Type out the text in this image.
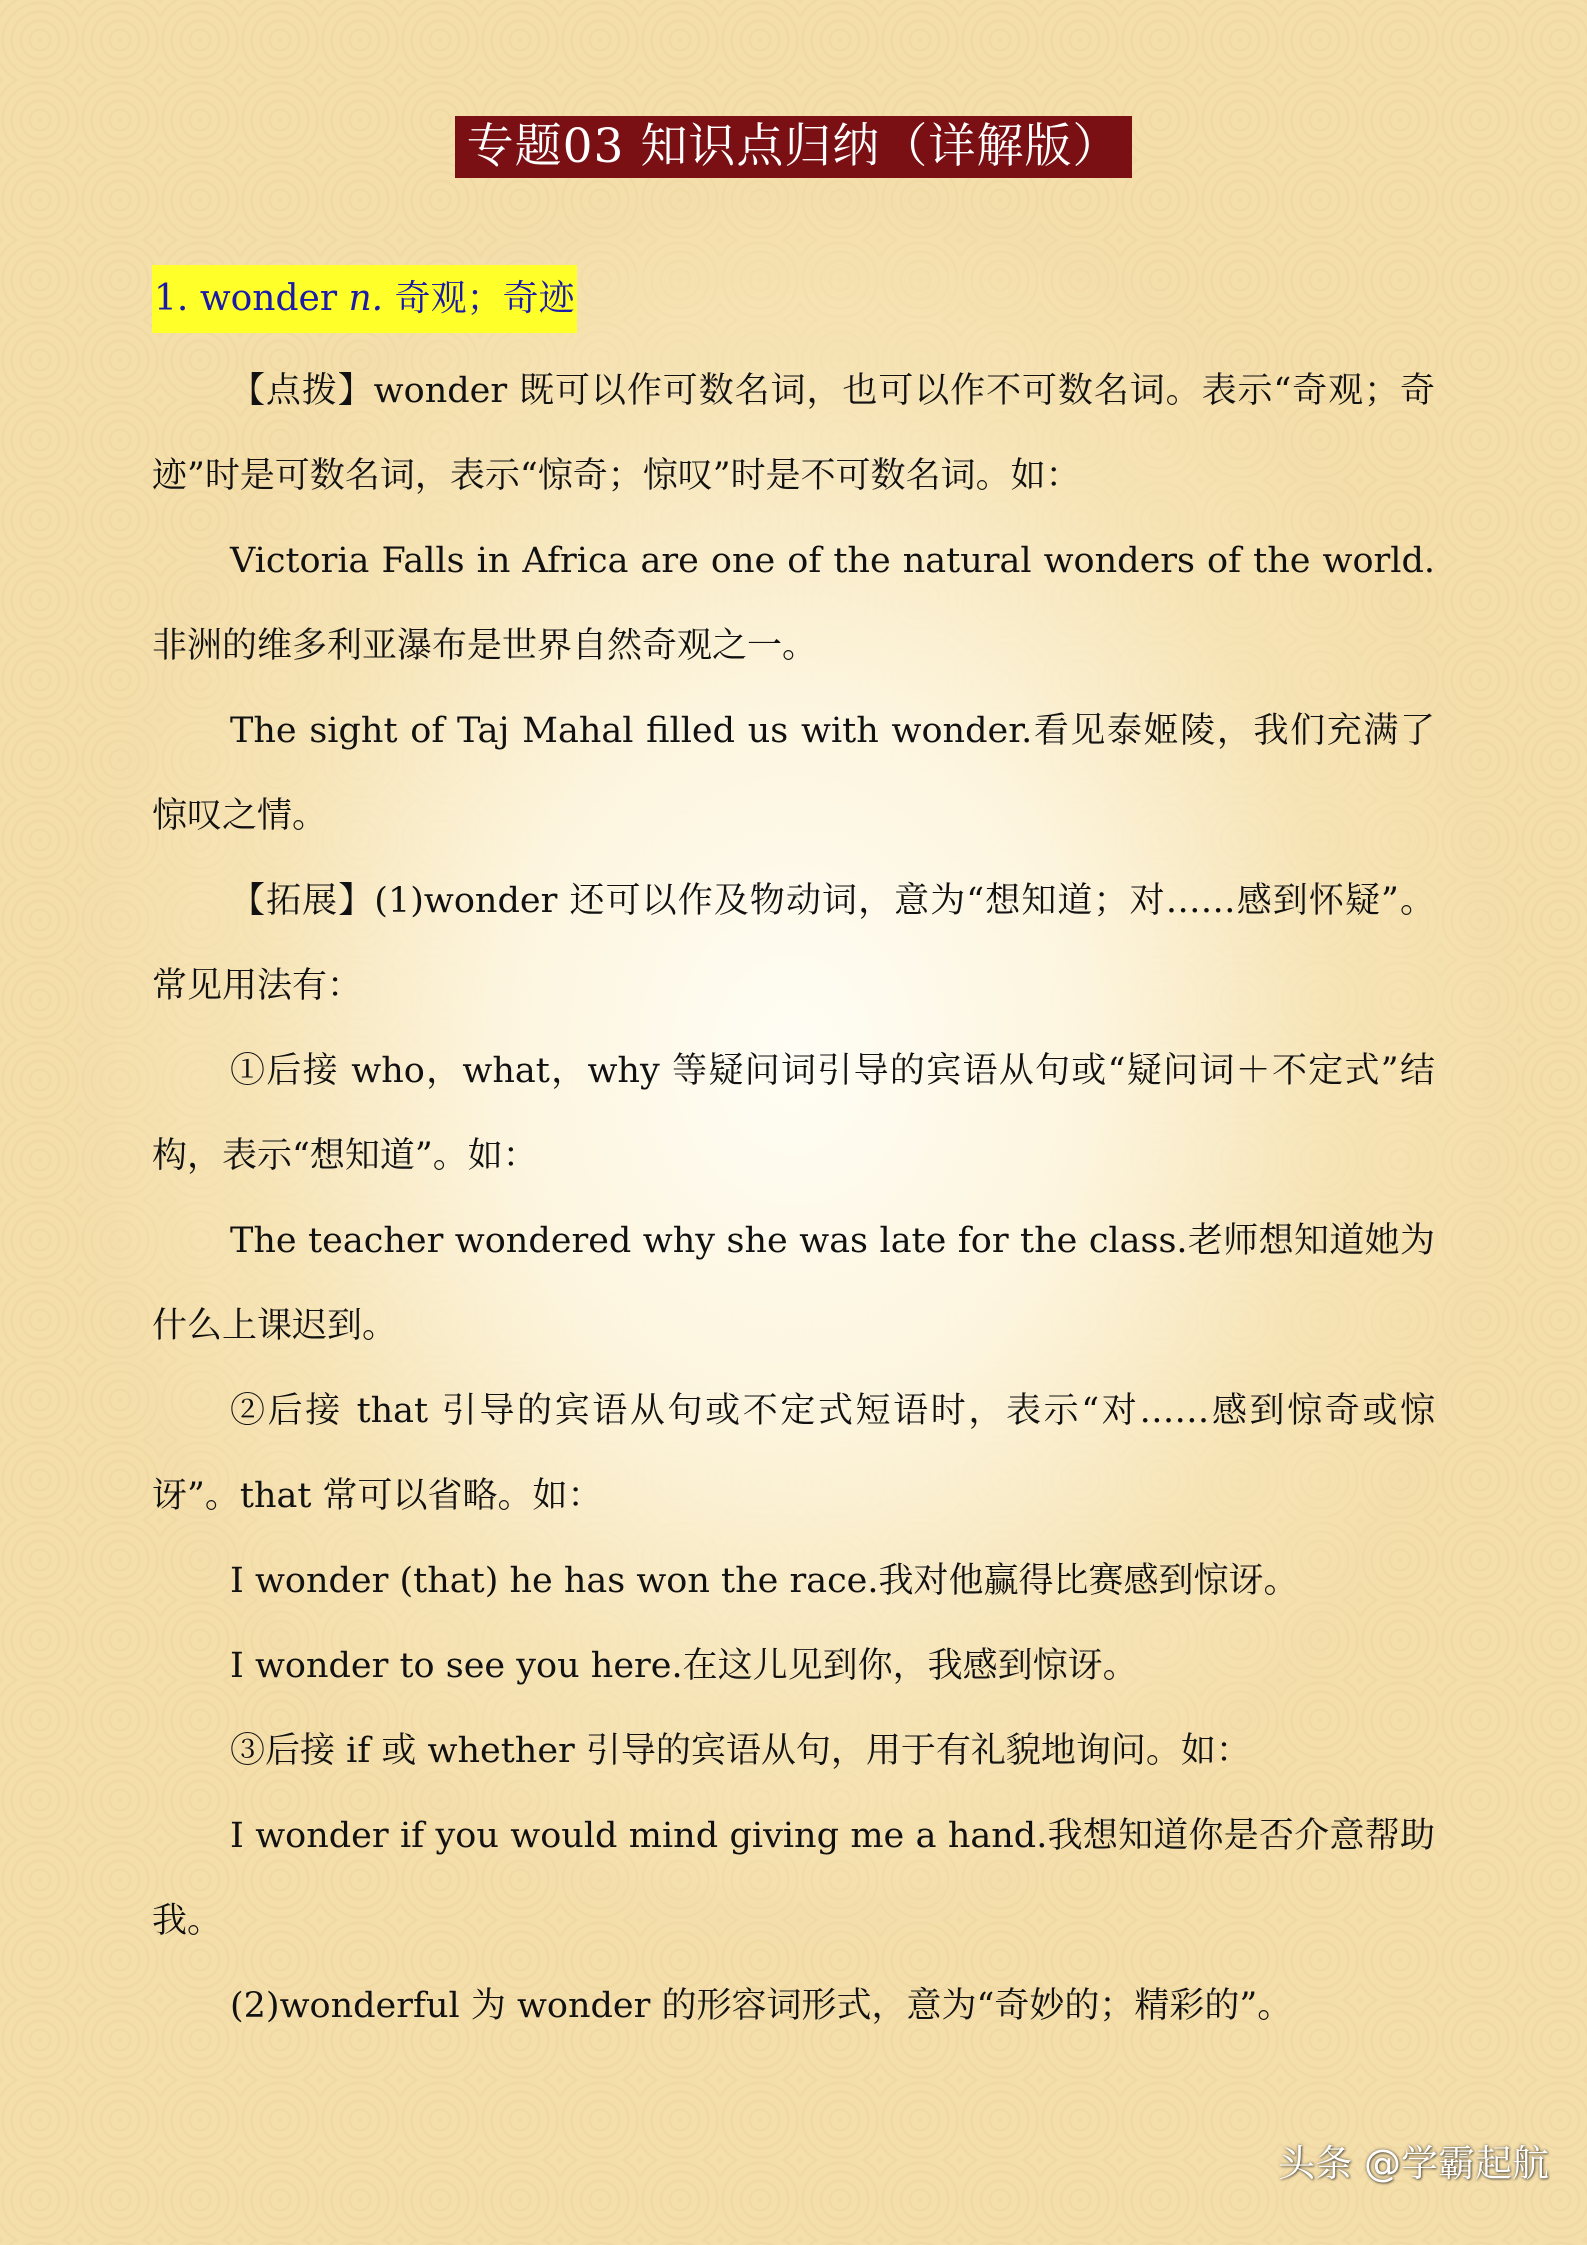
专题03 知识点归纳（详解版）
1. wonder n. 奇观；奇迹

【点拨】wonder 既可以作可数名词，也可以作不可数名词。表示“奇观；奇迹”时是可数名词，表示“惊奇；惊叹”时是不可数名词。如：

Victoria Falls in Africa are one of the natural wonders of the world.非洲的维多利亚瀑布是世界自然奇观之一。

The sight of Taj Mahal filled us with wonder.看见泰姬陵，我们充满了惊叹之情。

【拓展】(1)wonder 还可以作及物动词，意为“想知道；对……感到怀疑”。常见用法有：

①后接 who，what，why 等疑问词引导的宾语从句或“疑问词＋不定式”结构，表示“想知道”。如：

The teacher wondered why she was late for the class.老师想知道她为什么上课迟到。

②后接 that 引导的宾语从句或不定式短语时，表示“对……感到惊奇或惊讶”。that 常可以省略。如：

I wonder (that) he has won the race.我对他赢得比赛感到惊讶。

I wonder to see you here.在这儿见到你，我感到惊讶。

③后接 if 或 whether 引导的宾语从句，用于有礼貌地询问。如：

I wonder if you would mind giving me a hand.我想知道你是否介意帮助我。

(2)wonderful 为 wonder 的形容词形式，意为“奇妙的；精彩的”。

头条 @学霸起航
